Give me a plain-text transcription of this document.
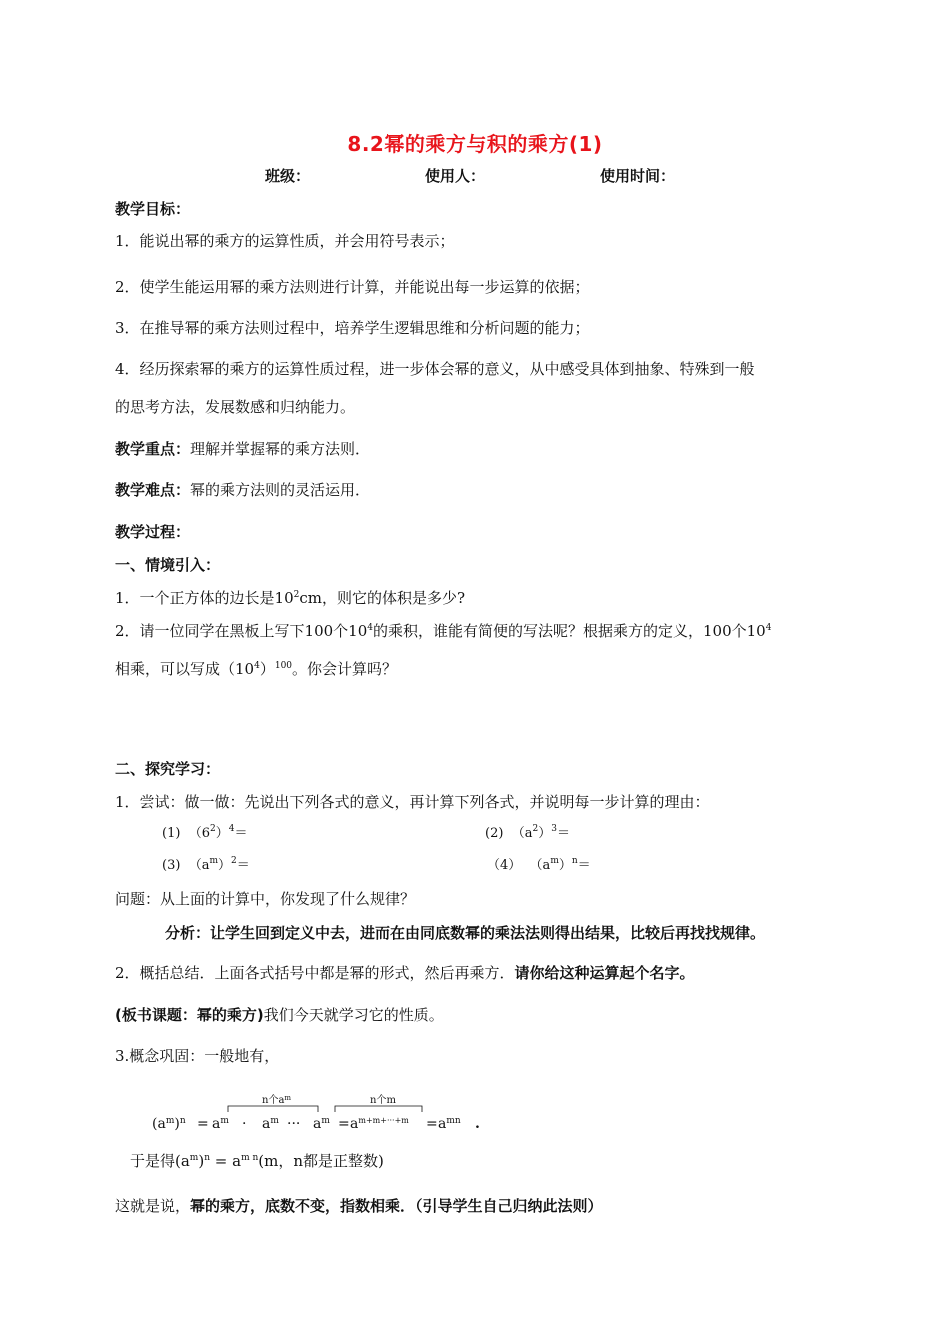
8.2幂的乘方与积的乘方(1)
班级：	使用人：	使用时间：
教学目标：
1．能说出幂的乘方的运算性质，并会用符号表示；
2．使学生能运用幂的乘方法则进行计算，并能说出每一步运算的依据；
3．在推导幂的乘方法则过程中，培养学生逻辑思维和分析问题的能力；
4．经历探索幂的乘方的运算性质过程，进一步体会幂的意义，从中感受具体到抽象、特殊到一般
的思考方法，发展数感和归纳能力。
教学重点：理解并掌握幂的乘方法则．
教学难点：幂的乘方法则的灵活运用．
教学过程：
一、情境引入：
1．一个正方体的边长是$10^2cm$，则它的体积是多少?
2．请一位同学在黑板上写下100个$10^4$的乘积，谁能有简便的写法呢？根据乘方的定义，100个$10^4$
相乘，可以写成$(10^4)^{100}$。你会计算吗？
二、探究学习：
1．尝试：做一做：先说出下列各式的意义，再计算下列各式，并说明每一步计算的理由：
(1) $(6^2)^4=$	(2) $(a^2)^3=$
(3) $(a^m)^2=$	（4） $(a^m)^n=$
问题：从上面的计算中，你发现了什么规律？
分析：让学生回到定义中去，进而在由同底数幂的乘法法则得出结果，比较后再找找规律。
2．概括总结．上面各式括号中都是幂的形式，然后再乘方．请你给这种运算起个名字。
(板书课题：幂的乘方)我们今天就学习它的性质。
3.概念巩固：一般地有，
n个$a^m$	n个m
$(a^m)^n = a^m \cdot a^m$ ··· $a^m = a^{m+m+\cdot\cdot\cdot+m} = a^{mn}$ .
于是得$(a^m)^n = a^{m n}(m$，n都是正整数)
这就是说，幂的乘方，底数不变，指数相乘．（引导学生自己归纳此法则）
